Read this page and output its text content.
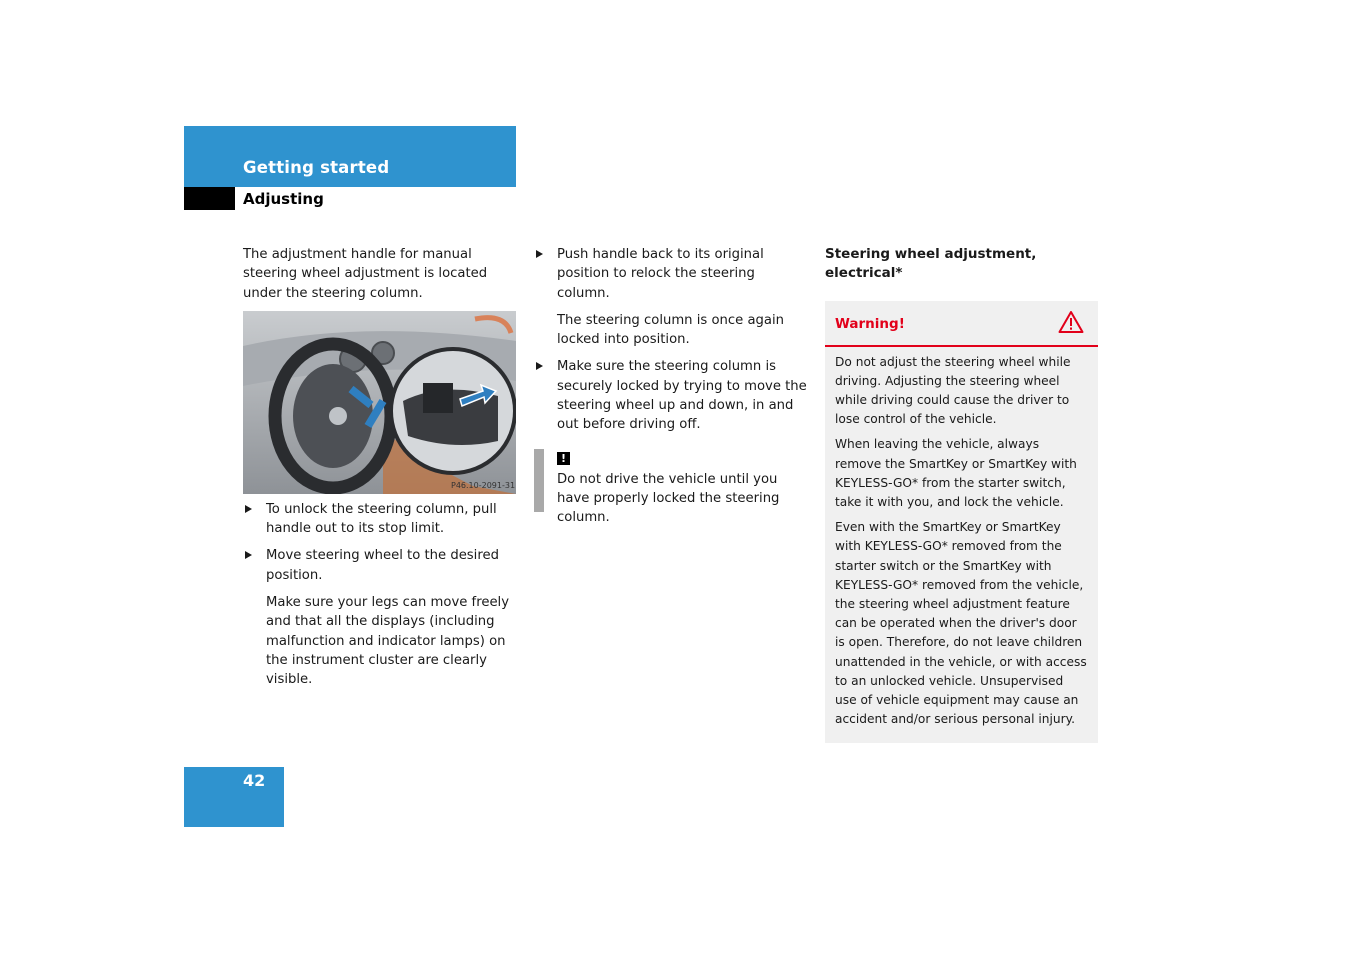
Getting started
Adjusting

The adjustment handle for manual steering wheel adjustment is located under the steering column.

P46.10-2091-31
To unlock the steering column, pull handle out to its stop limit.
Move steering wheel to the desired position.

Make sure your legs can move freely and that all the displays (including malfunction and indicator lamps) on the instrument cluster are clearly visible.

Push handle back to its original position to relock the steering column.

The steering column is once again locked into position.

Make sure the steering column is securely locked by trying to move the steering wheel up and down, in and out before driving off.
!
Do not drive the vehicle until you have properly locked the steering column.
Steering wheel adjustment, electrical*
Warning!

Do not adjust the steering wheel while driving. Adjusting the steering wheel while driving could cause the driver to lose control of the vehicle.

When leaving the vehicle, always remove the SmartKey or SmartKey with KEYLESS-GO* from the starter switch, take it with you, and lock the vehicle.

Even with the SmartKey or SmartKey with KEYLESS-GO* removed from the starter switch or the SmartKey with KEYLESS-GO* removed from the vehicle, the steering wheel adjustment feature can be operated when the driver's door is open. Therefore, do not leave children unattended in the vehicle, or with access to an unlocked vehicle. Unsupervised use of vehicle equipment may cause an accident and/or serious personal injury.

42
